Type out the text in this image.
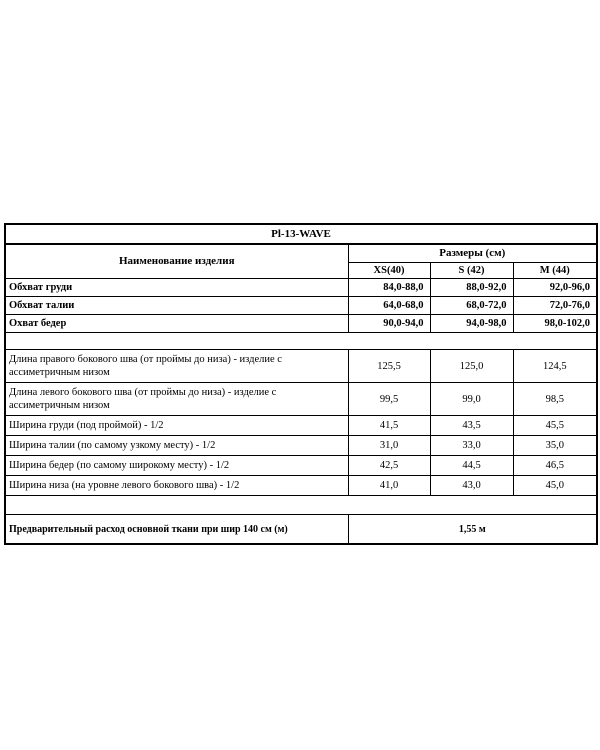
Pl-13-WAVE			
Наименование изделия	Размеры (см)		
	XS(40)	S (42)	M (44)
Обхват груди	84,0-88,0	88,0-92,0	92,0-96,0
Обхват талии	64,0-68,0	68,0-72,0	72,0-76,0
Охват бедер	90,0-94,0	94,0-98,0	98,0-102,0

Длина правого бокового шва (от проймы до низа) - изделие с ассиметричным низом	125,5	125,0	124,5
Длина левого бокового шва (от проймы до низа) - изделие с ассиметричным низом	99,5	99,0	98,5
Ширина груди (под проймой) - 1/2	41,5	43,5	45,5
Ширина талии (по самому узкому месту) - 1/2	31,0	33,0	35,0
Ширина бедер (по самому широкому месту) - 1/2	42,5	44,5	46,5
Ширина низа (на уровне левого бокового шва) - 1/2	41,0	43,0	45,0

Предварительный расход основной ткани при шир 140 см (м)	1,55 м		
